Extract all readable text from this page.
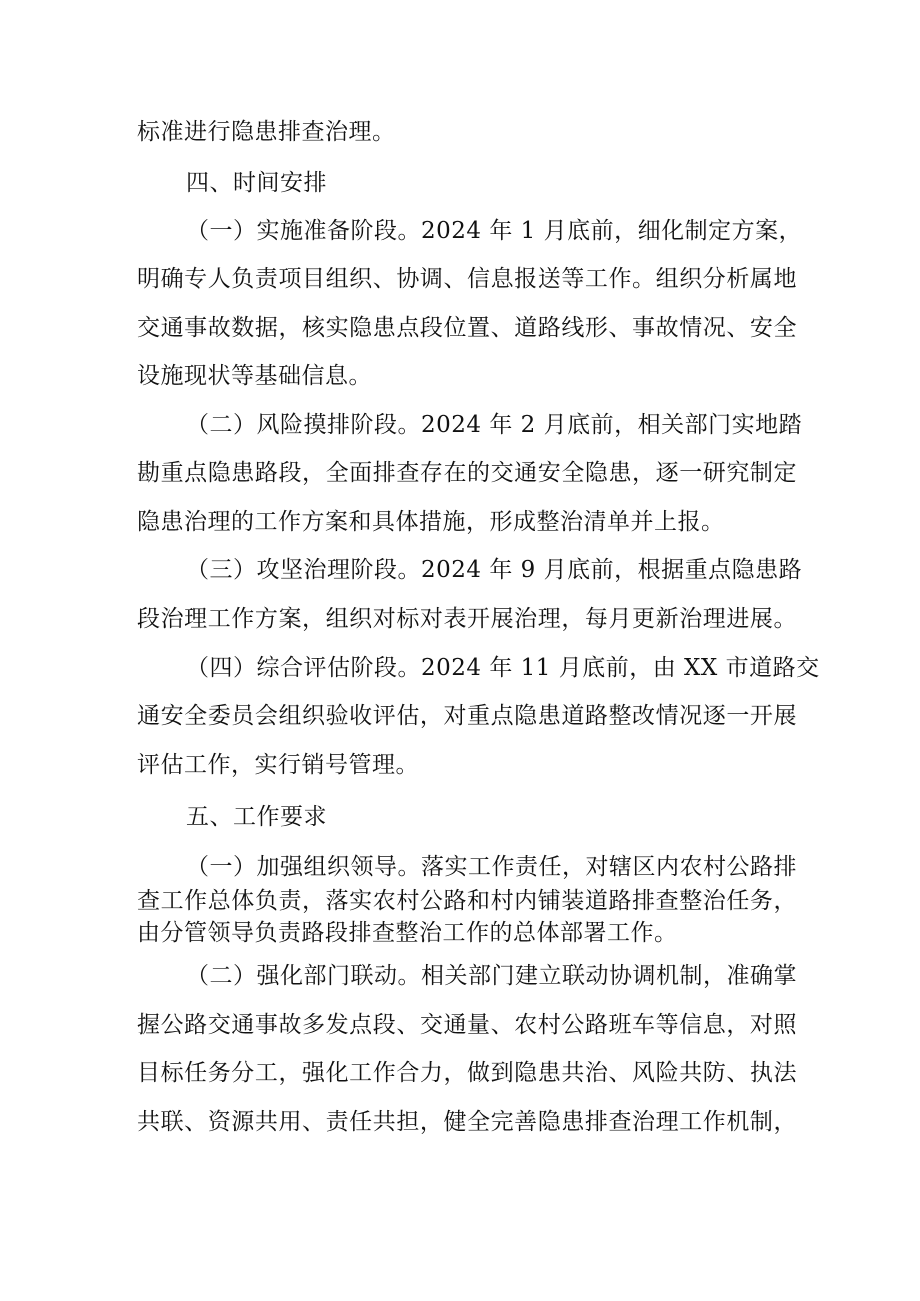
标准进行隐患排查治理。
四、时间安排
（一）实施准备阶段。2024 年 1 月底前，细化制定方案，
明确专人负责项目组织、协调、信息报送等工作。组织分析属地
交通事故数据，核实隐患点段位置、道路线形、事故情况、安全
设施现状等基础信息。
（二）风险摸排阶段。2024 年 2 月底前，相关部门实地踏
勘重点隐患路段，全面排查存在的交通安全隐患，逐一研究制定
隐患治理的工作方案和具体措施，形成整治清单并上报。
（三）攻坚治理阶段。2024 年 9 月底前，根据重点隐患路
段治理工作方案，组织对标对表开展治理，每月更新治理进展。
（四）综合评估阶段。2024 年 11 月底前，由 XX 市道路交
通安全委员会组织验收评估，对重点隐患道路整改情况逐一开展
评估工作，实行销号管理。
五、工作要求
（一）加强组织领导。落实工作责任，对辖区内农村公路排
查工作总体负责，落实农村公路和村内铺装道路排查整治任务，
由分管领导负责路段排查整治工作的总体部署工作。
（二）强化部门联动。相关部门建立联动协调机制，准确掌
握公路交通事故多发点段、交通量、农村公路班车等信息，对照
目标任务分工，强化工作合力，做到隐患共治、风险共防、执法
共联、资源共用、责任共担，健全完善隐患排查治理工作机制，
